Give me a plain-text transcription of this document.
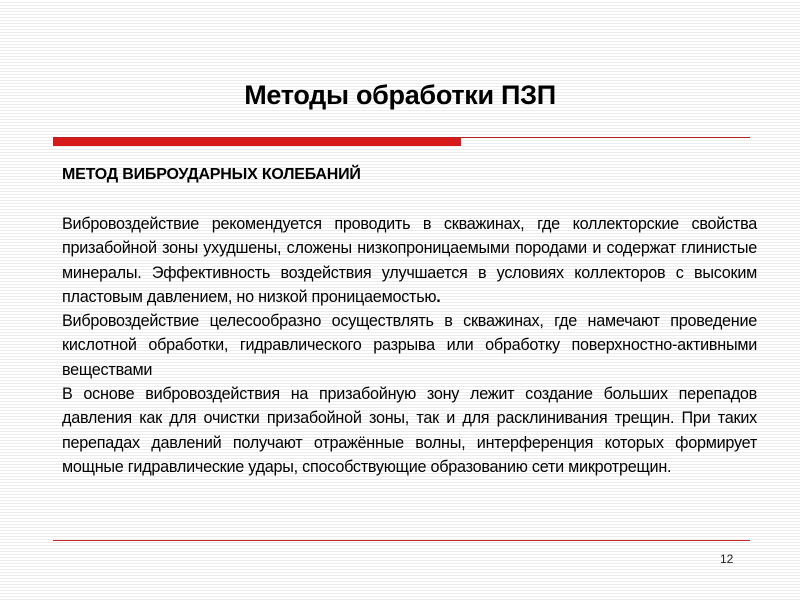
Методы обработки ПЗП
МЕТОД ВИБРОУДАРНЫХ КОЛЕБАНИЙ

Вибровоздействие рекомендуется проводить в скважинах, где коллекторские свойства призабойной зоны ухудшены, сложены низкопроницаемыми породами и содержат глинистые минералы. Эффективность воздействия улучшается в условиях коллекторов с высоким пластовым давлением, но низкой проницаемостью.

Вибровоздействие целесообразно осуществлять в скважинах, где намечают проведение кислотной обработки, гидравлического разрыва или обработку поверхностно-активными веществами

В основе вибровоздействия на призабойную зону лежит создание больших перепадов давления как для очистки призабойной зоны, так и для расклинивания трещин. При таких перепадах давлений получают отражённые волны, интерференция которых формирует мощные гидравлические удары, способствующие образованию сети микротрещин.

12
